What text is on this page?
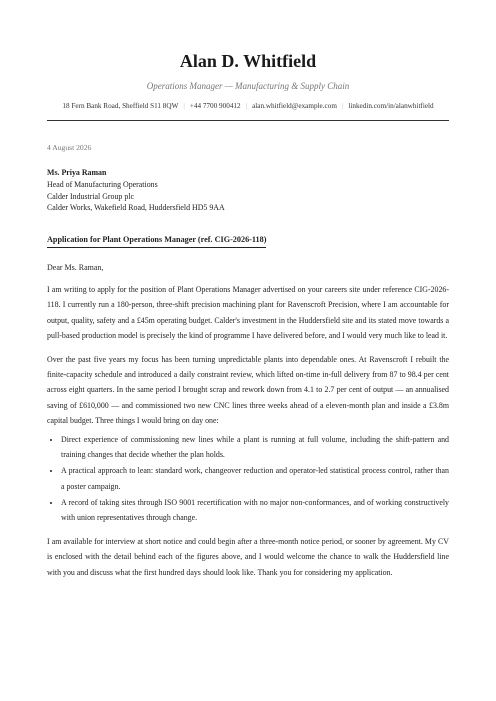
Alan D. Whitfield
Operations Manager — Manufacturing & Supply Chain
18 Fern Bank Road, Sheffield S11 8QW | +44 7700 900412 | alan.whitfield@example.com | linkedin.com/in/alanwhitfield
4 August 2026
Ms. Priya Raman
Head of Manufacturing Operations
Calder Industrial Group plc
Calder Works, Wakefield Road, Huddersfield HD5 9AA
Application for Plant Operations Manager (ref. CIG-2026-118)
Dear Ms. Raman,

I am writing to apply for the position of Plant Operations Manager advertised on your careers site under reference CIG-2026-118. I currently run a 180-person, three-shift precision machining plant for Ravenscroft Precision, where I am accountable for output, quality, safety and a £45m operating budget. Calder's investment in the Huddersfield site and its stated move towards a pull-based production model is precisely the kind of programme I have delivered before, and I would very much like to lead it.

Over the past five years my focus has been turning unpredictable plants into dependable ones. At Ravenscroft I rebuilt the finite-capacity schedule and introduced a daily constraint review, which lifted on-time in-full delivery from 87 to 98.4 per cent across eight quarters. In the same period I brought scrap and rework down from 4.1 to 2.7 per cent of output — an annualised saving of £610,000 — and commissioned two new CNC lines three weeks ahead of a eleven-month plan and inside a £3.8m capital budget. Three things I would bring on day one:

• Direct experience of commissioning new lines while a plant is running at full volume, including the shift-pattern and training changes that decide whether the plan holds.
• A practical approach to lean: standard work, changeover reduction and operator-led statistical process control, rather than a poster campaign.
• A record of taking sites through ISO 9001 recertification with no major non-conformances, and of working constructively with union representatives through change.

I am available for interview at short notice and could begin after a three-month notice period, or sooner by agreement. My CV is enclosed with the detail behind each of the figures above, and I would welcome the chance to walk the Huddersfield line with you and discuss what the first hundred days should look like. Thank you for considering my application.
